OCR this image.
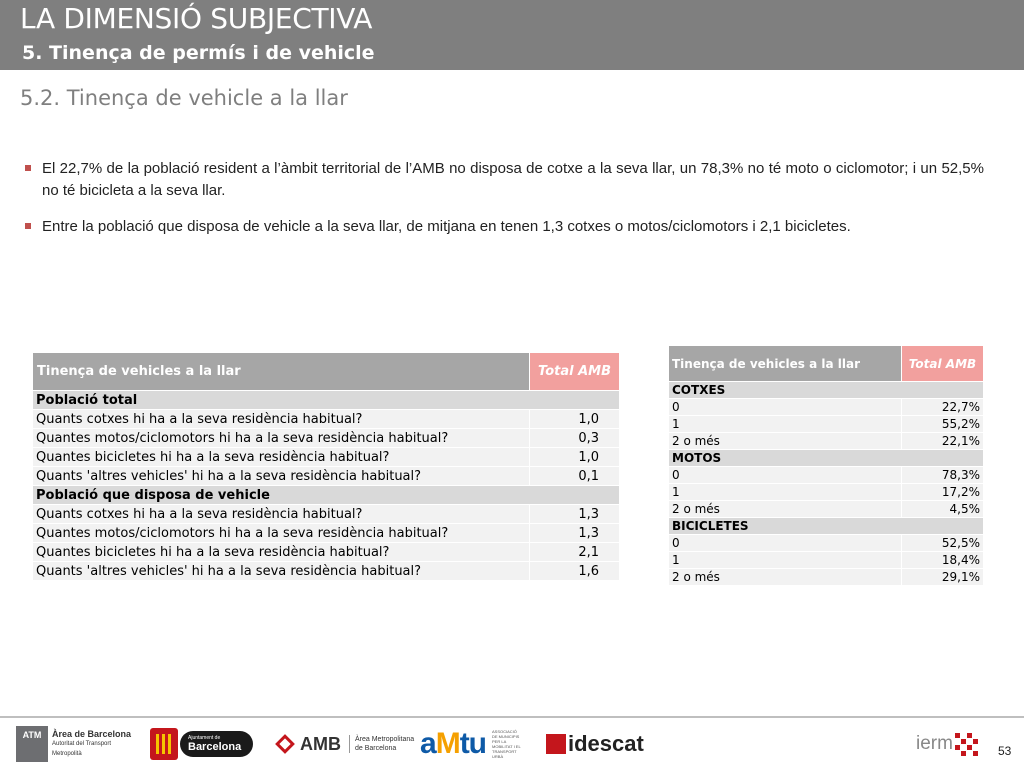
LA DIMENSIÓ SUBJECTIVA
5. Tinença de permís i de vehicle
5.2. Tinença de vehicle a la llar

El 22,7% de la població resident a l’àmbit territorial de l’AMB no disposa de cotxe a la seva llar, un 78,3% no té moto o ciclomotor; i un 52,5% no té bicicleta a la seva llar.

Entre la població que disposa de vehicle a la seva llar, de mitjana en tenen 1,3 cotxes o motos/ciclomotors i 2,1 bicicletes.

Tinença de vehicles a la llar	Total AMB
Població total	
Quants cotxes hi ha a la seva residència habitual?	1,0
Quantes motos/ciclomotors hi ha a la seva residència habitual?	0,3
Quantes bicicletes hi ha a la seva residència habitual?	1,0
Quants 'altres vehicles' hi ha a la seva residència habitual?	0,1
Població que disposa de vehicle	
Quants cotxes hi ha a la seva residència habitual?	1,3
Quantes motos/ciclomotors hi ha a la seva residència habitual?	1,3
Quantes bicicletes hi ha a la seva residència habitual?	2,1
Quants 'altres vehicles' hi ha a la seva residència habitual?	1,6
Tinença de vehicles a la llar	Total AMB
COTXES	
0	22,7%
1	55,2%
2 o més	22,1%
MOTOS	
0	78,3%
1	17,2%
2 o més	4,5%
BICICLETES	
0	52,5%
1	18,4%
2 o més	29,1%
ATM	Àrea de Barcelona
Autoritat del Transport
Metropolità
Ajuntament de
Barcelona	AMB Àrea Metropolitana
de Barcelona aMtu ASSOCIACIÓ DE MUNICIPIS PER LA MOBILITAT I EL TRANSPORT URBÀ
idescat	ierm	53
